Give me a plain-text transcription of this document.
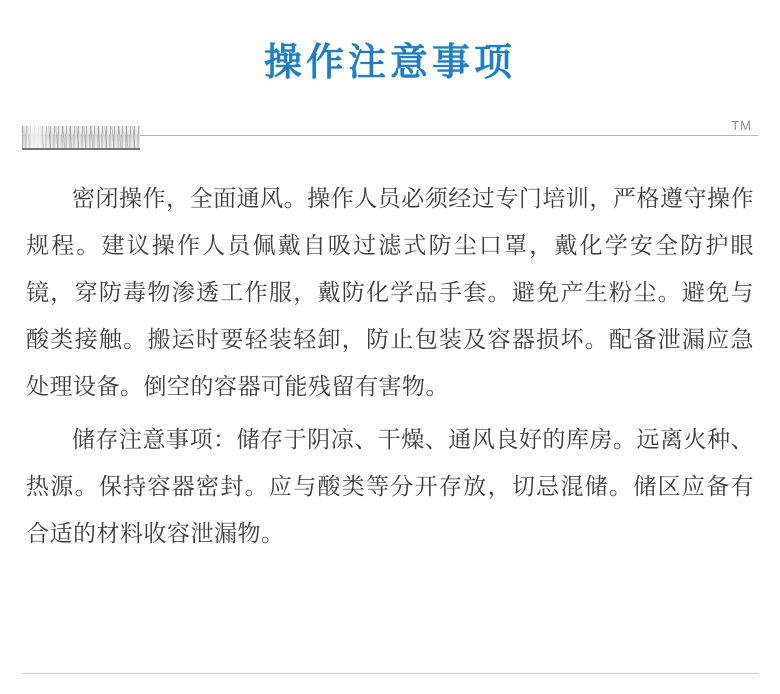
操作注意事项
TM

密闭操作，全面通风。操作人员必须经过专门培训，严格遵守操作规程。建议操作人员佩戴自吸过滤式防尘口罩，戴化学安全防护眼镜，穿防毒物渗透工作服，戴防化学品手套。避免产生粉尘。避免与酸类接触。搬运时要轻装轻卸，防止包装及容器损坏。配备泄漏应急处理设备。倒空的容器可能残留有害物。

储存注意事项：储存于阴凉、干燥、通风良好的库房。远离火种、热源。保持容器密封。应与酸类等分开存放，切忌混储。储区应备有合适的材料收容泄漏物。
